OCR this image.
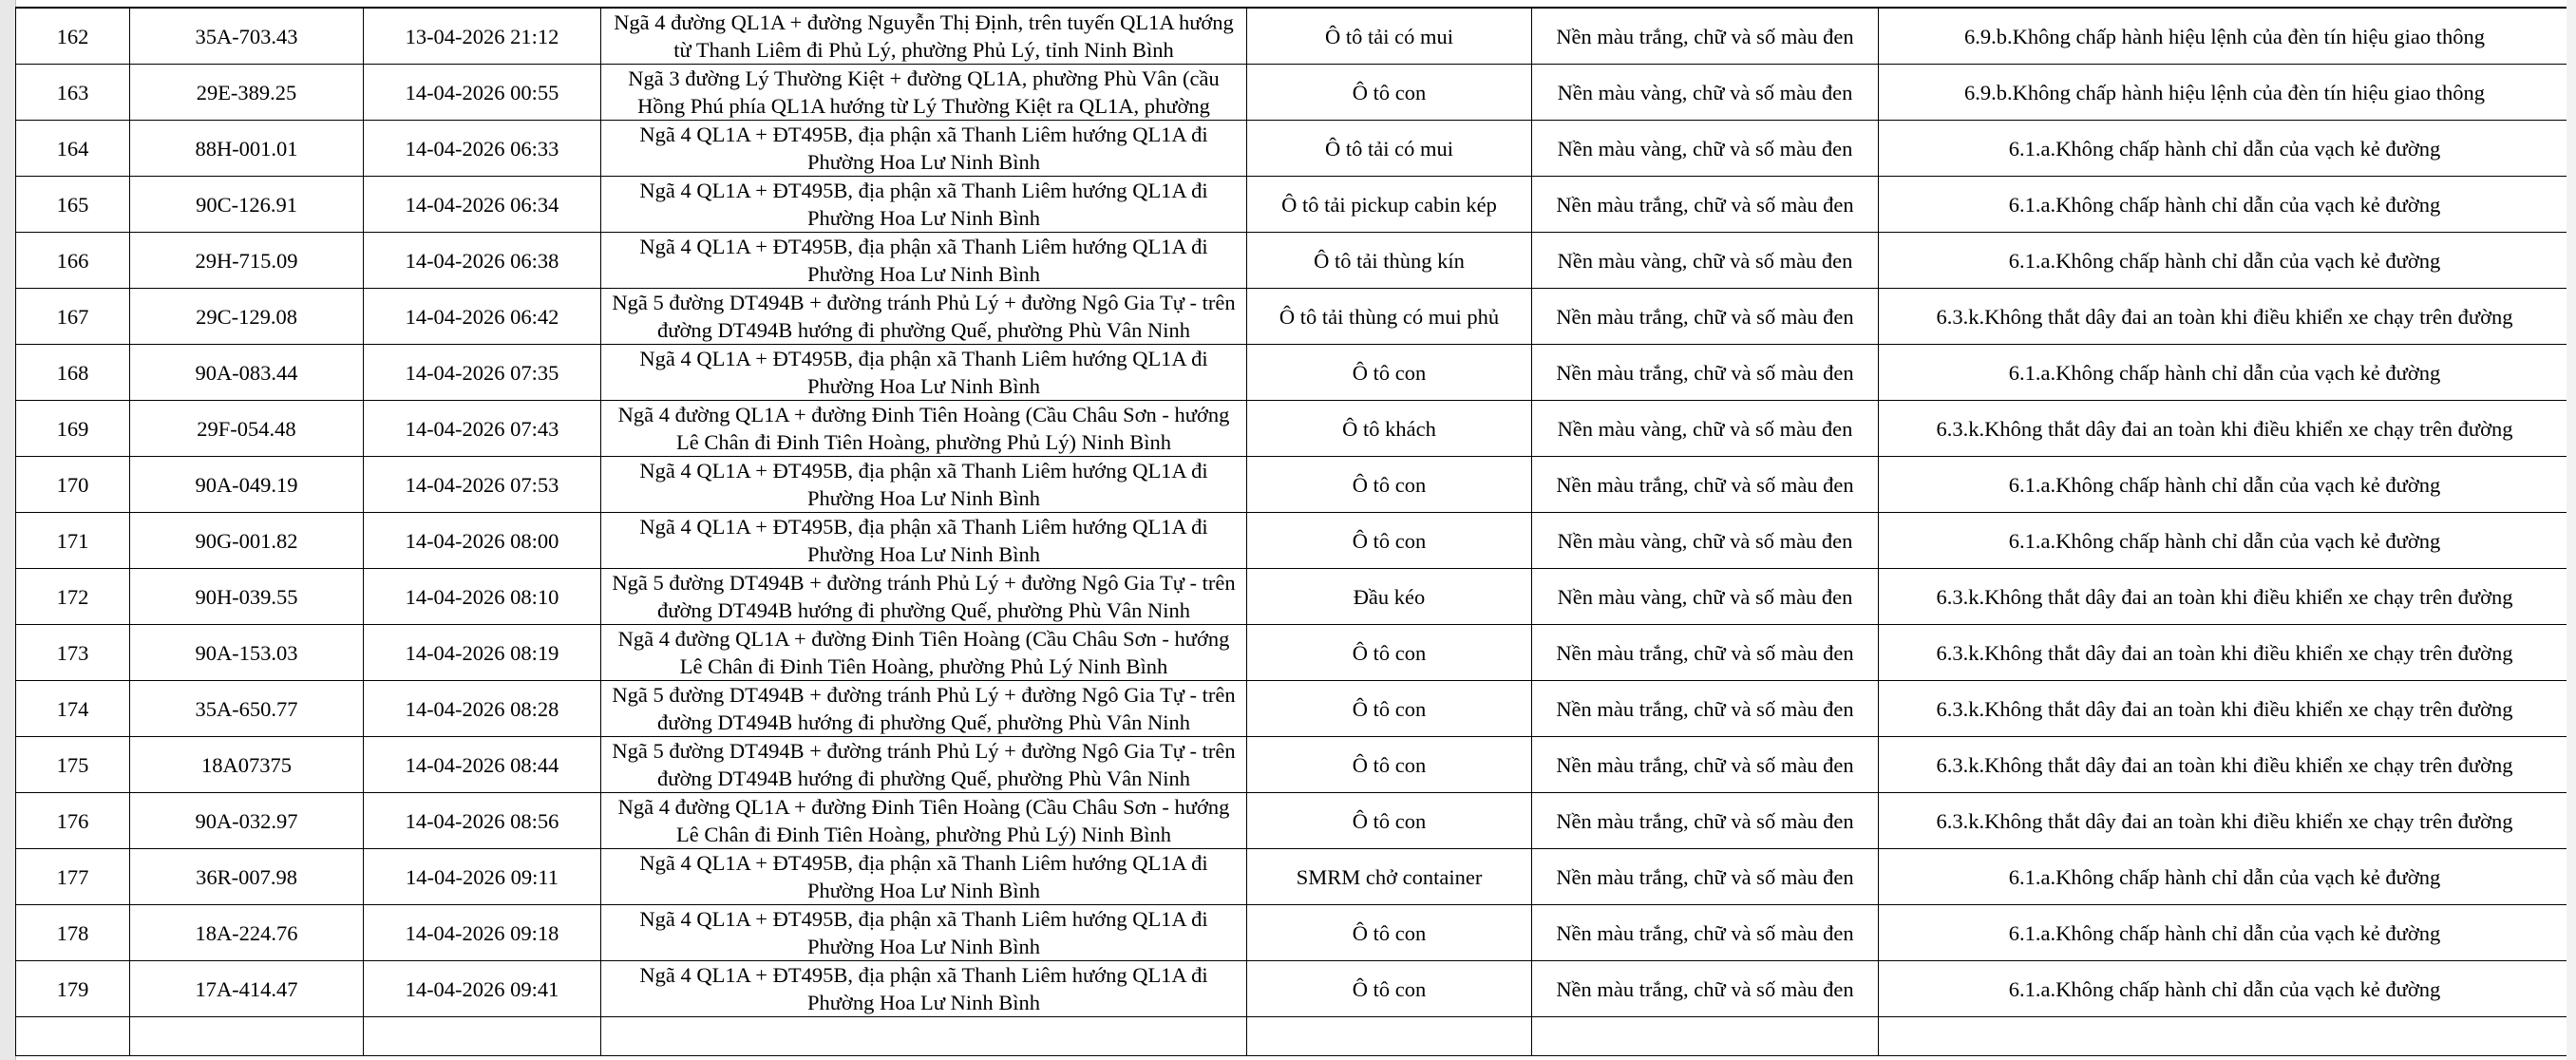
162	35A-703.43	13-04-2026 21:12	Ngã 4 đường QL1A + đường Nguyễn Thị Định, trên tuyến QL1A hướng từ Thanh Liêm đi Phủ Lý, phường Phủ Lý, tỉnh Ninh Bình	Ô tô tải có mui	Nền màu trắng, chữ và số màu đen	6.9.b.Không chấp hành hiệu lệnh của đèn tín hiệu giao thông
163	29E-389.25	14-04-2026 00:55	Ngã 3 đường Lý Thường Kiệt + đường QL1A, phường Phù Vân (cầu Hồng Phú phía QL1A hướng từ Lý Thường Kiệt ra QL1A, phường	Ô tô con	Nền màu vàng, chữ và số màu đen	6.9.b.Không chấp hành hiệu lệnh của đèn tín hiệu giao thông
164	88H-001.01	14-04-2026 06:33	Ngã 4 QL1A + ĐT495B, địa phận xã Thanh Liêm hướng QL1A đi Phường Hoa Lư Ninh Bình	Ô tô tải có mui	Nền màu vàng, chữ và số màu đen	6.1.a.Không chấp hành chỉ dẫn của vạch kẻ đường
165	90C-126.91	14-04-2026 06:34	Ngã 4 QL1A + ĐT495B, địa phận xã Thanh Liêm hướng QL1A đi Phường Hoa Lư Ninh Bình	Ô tô tải pickup cabin kép	Nền màu trắng, chữ và số màu đen	6.1.a.Không chấp hành chỉ dẫn của vạch kẻ đường
166	29H-715.09	14-04-2026 06:38	Ngã 4 QL1A + ĐT495B, địa phận xã Thanh Liêm hướng QL1A đi Phường Hoa Lư Ninh Bình	Ô tô tải thùng kín	Nền màu vàng, chữ và số màu đen	6.1.a.Không chấp hành chỉ dẫn của vạch kẻ đường
167	29C-129.08	14-04-2026 06:42	Ngã 5 đường DT494B + đường tránh Phủ Lý + đường Ngô Gia Tự - trên đường DT494B hướng đi phường Quế, phường Phù Vân Ninh	Ô tô tải thùng có mui phủ	Nền màu trắng, chữ và số màu đen	6.3.k.Không thắt dây đai an toàn khi điều khiển xe chạy trên đường
168	90A-083.44	14-04-2026 07:35	Ngã 4 QL1A + ĐT495B, địa phận xã Thanh Liêm hướng QL1A đi Phường Hoa Lư Ninh Bình	Ô tô con	Nền màu trắng, chữ và số màu đen	6.1.a.Không chấp hành chỉ dẫn của vạch kẻ đường
169	29F-054.48	14-04-2026 07:43	Ngã 4 đường QL1A + đường Đinh Tiên Hoàng (Cầu Châu Sơn - hướng Lê Chân đi Đinh Tiên Hoàng, phường Phủ Lý) Ninh Bình	Ô tô khách	Nền màu vàng, chữ và số màu đen	6.3.k.Không thắt dây đai an toàn khi điều khiển xe chạy trên đường
170	90A-049.19	14-04-2026 07:53	Ngã 4 QL1A + ĐT495B, địa phận xã Thanh Liêm hướng QL1A đi Phường Hoa Lư Ninh Bình	Ô tô con	Nền màu trắng, chữ và số màu đen	6.1.a.Không chấp hành chỉ dẫn của vạch kẻ đường
171	90G-001.82	14-04-2026 08:00	Ngã 4 QL1A + ĐT495B, địa phận xã Thanh Liêm hướng QL1A đi Phường Hoa Lư Ninh Bình	Ô tô con	Nền màu vàng, chữ và số màu đen	6.1.a.Không chấp hành chỉ dẫn của vạch kẻ đường
172	90H-039.55	14-04-2026 08:10	Ngã 5 đường DT494B + đường tránh Phủ Lý + đường Ngô Gia Tự - trên đường DT494B hướng đi phường Quế, phường Phù Vân Ninh	Đầu kéo	Nền màu vàng, chữ và số màu đen	6.3.k.Không thắt dây đai an toàn khi điều khiển xe chạy trên đường
173	90A-153.03	14-04-2026 08:19	Ngã 4 đường QL1A + đường Đinh Tiên Hoàng (Cầu Châu Sơn - hướng Lê Chân đi Đinh Tiên Hoàng, phường Phủ Lý Ninh Bình	Ô tô con	Nền màu trắng, chữ và số màu đen	6.3.k.Không thắt dây đai an toàn khi điều khiển xe chạy trên đường
174	35A-650.77	14-04-2026 08:28	Ngã 5 đường DT494B + đường tránh Phủ Lý + đường Ngô Gia Tự - trên đường DT494B hướng đi phường Quế, phường Phù Vân Ninh	Ô tô con	Nền màu trắng, chữ và số màu đen	6.3.k.Không thắt dây đai an toàn khi điều khiển xe chạy trên đường
175	18A07375	14-04-2026 08:44	Ngã 5 đường DT494B + đường tránh Phủ Lý + đường Ngô Gia Tự - trên đường DT494B hướng đi phường Quế, phường Phù Vân Ninh	Ô tô con	Nền màu trắng, chữ và số màu đen	6.3.k.Không thắt dây đai an toàn khi điều khiển xe chạy trên đường
176	90A-032.97	14-04-2026 08:56	Ngã 4 đường QL1A + đường Đinh Tiên Hoàng (Cầu Châu Sơn - hướng Lê Chân đi Đinh Tiên Hoàng, phường Phủ Lý) Ninh Bình	Ô tô con	Nền màu trắng, chữ và số màu đen	6.3.k.Không thắt dây đai an toàn khi điều khiển xe chạy trên đường
177	36R-007.98	14-04-2026 09:11	Ngã 4 QL1A + ĐT495B, địa phận xã Thanh Liêm hướng QL1A đi Phường Hoa Lư Ninh Bình	SMRM chở container	Nền màu trắng, chữ và số màu đen	6.1.a.Không chấp hành chỉ dẫn của vạch kẻ đường
178	18A-224.76	14-04-2026 09:18	Ngã 4 QL1A + ĐT495B, địa phận xã Thanh Liêm hướng QL1A đi Phường Hoa Lư Ninh Bình	Ô tô con	Nền màu trắng, chữ và số màu đen	6.1.a.Không chấp hành chỉ dẫn của vạch kẻ đường
179	17A-414.47	14-04-2026 09:41	Ngã 4 QL1A + ĐT495B, địa phận xã Thanh Liêm hướng QL1A đi Phường Hoa Lư Ninh Bình	Ô tô con	Nền màu trắng, chữ và số màu đen	6.1.a.Không chấp hành chỉ dẫn của vạch kẻ đường
